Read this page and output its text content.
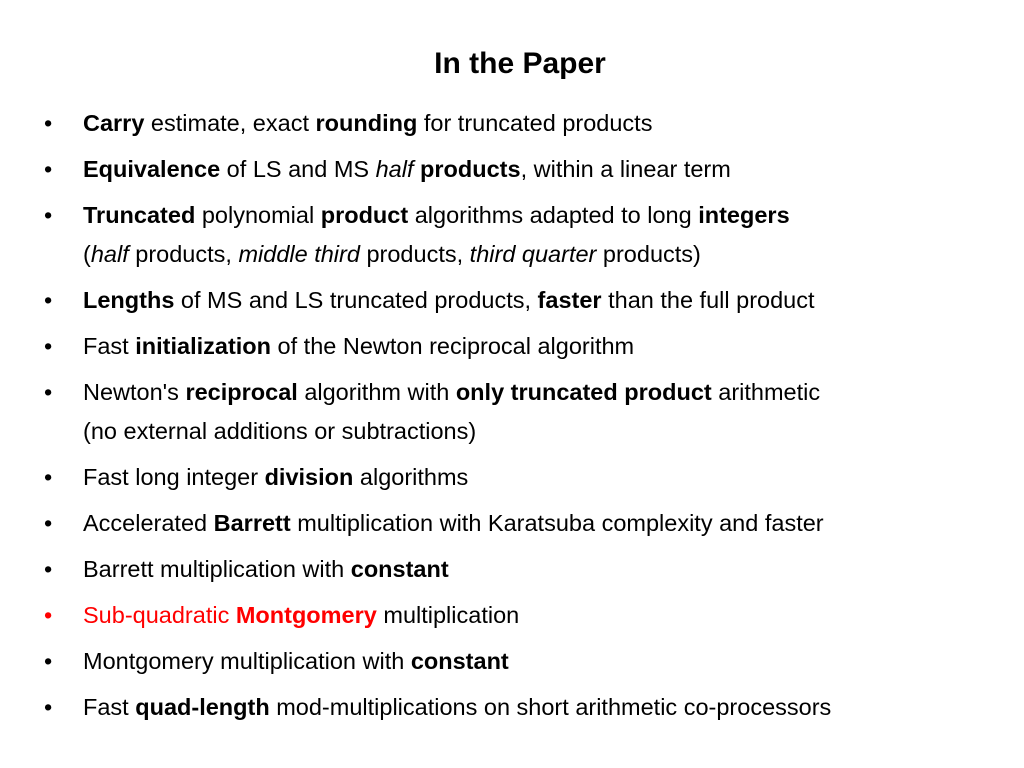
In the Paper
•	Carry estimate, exact rounding for truncated products
•	Equivalence of LS and MS half products, within a linear term
•	Truncated polynomial product algorithms adapted to long integers
(half products, middle third products, third quarter products)
•	Lengths of MS and LS truncated products, faster than the full product
•	Fast initialization of the Newton reciprocal algorithm
•	Newton's reciprocal algorithm with only truncated product arithmetic
(no external additions or subtractions)
•	Fast long integer division algorithms
•	Accelerated Barrett multiplication with Karatsuba complexity and faster
•	Barrett multiplication with constant
•	Sub-quadratic Montgomery multiplication
•	Montgomery multiplication with constant
•	Fast quad-length mod-multiplications on short arithmetic co-processors
